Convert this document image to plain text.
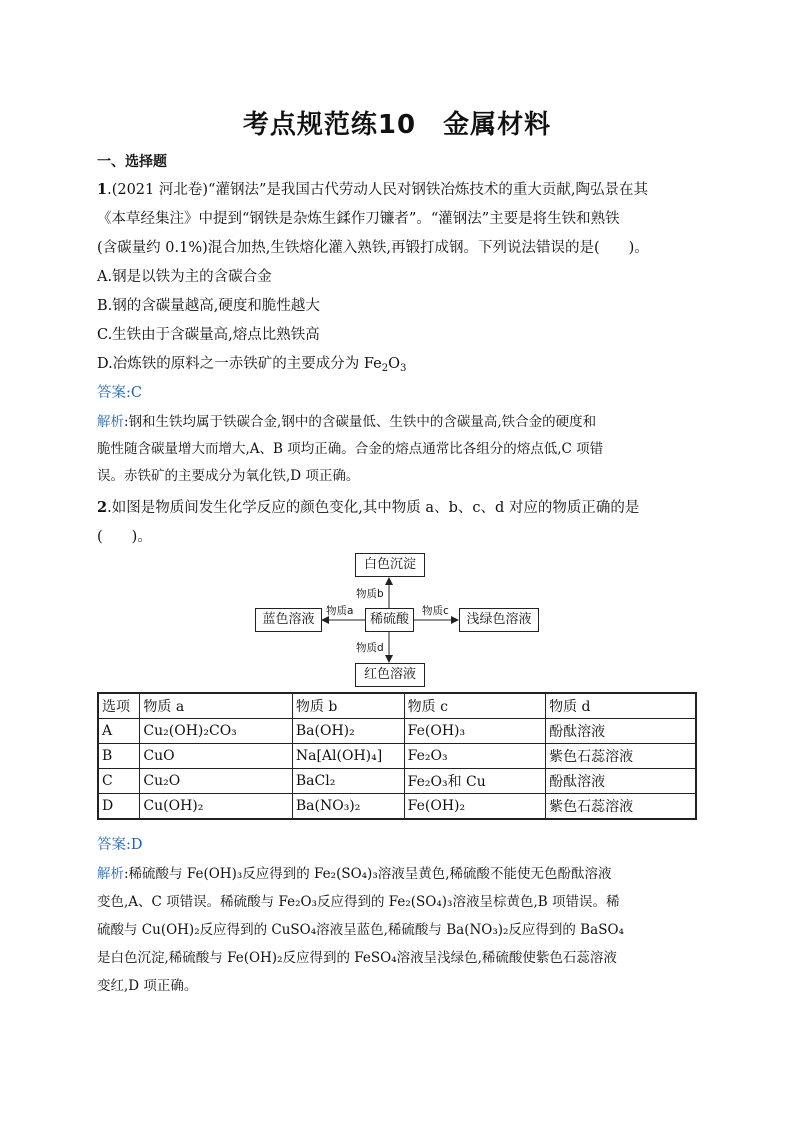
考点规范练10　金属材料
一、选择题
1.(2021 河北卷)“灌钢法”是我国古代劳动人民对钢铁冶炼技术的重大贡献,陶弘景在其
《本草经集注》中提到“钢铁是杂炼生鍒作刀镰者”。“灌钢法”主要是将生铁和熟铁
(含碳量约 0.1%)混合加热,生铁熔化灌入熟铁,再锻打成钢。下列说法错误的是(　　)。
A.钢是以铁为主的含碳合金
B.钢的含碳量越高,硬度和脆性越大
C.生铁由于含碳量高,熔点比熟铁高
D.冶炼铁的原料之一赤铁矿的主要成分为 $Fe_2O_3$
答案:C
解析:钢和生铁均属于铁碳合金,钢中的含碳量低、生铁中的含碳量高,铁合金的硬度和
脆性随含碳量增大而增大,A、B 项均正确。合金的熔点通常比各组分的熔点低,C 项错
误。赤铁矿的主要成分为氧化铁,D 项正确。
2.如图是物质间发生化学反应的颜色变化,其中物质 a、b、c、d 对应的物质正确的是
(　　)。
白色沉淀
蓝色溶液	稀硫酸	浅绿色溶液
红色溶液
物质b
物质a	物质c
物质d
选项	物质 a	物质 b	物质 c	物质 d
A	Cu₂(OH)₂CO₃	Ba(OH)₂	Fe(OH)₃	酚酞溶液
B	CuO	Na[Al(OH)₄]	Fe₂O₃	紫色石蕊溶液
C	Cu₂O	BaCl₂	Fe₂O₃和 Cu	酚酞溶液
D	Cu(OH)₂	Ba(NO₃)₂	Fe(OH)₂	紫色石蕊溶液
答案:D
解析:稀硫酸与 Fe(OH)₃反应得到的 Fe₂(SO₄)₃溶液呈黄色,稀硫酸不能使无色酚酞溶液
变色,A、C 项错误。稀硫酸与 Fe₂O₃反应得到的 Fe₂(SO₄)₃溶液呈棕黄色,B 项错误。稀
硫酸与 Cu(OH)₂反应得到的 CuSO₄溶液呈蓝色,稀硫酸与 Ba(NO₃)₂反应得到的 BaSO₄
是白色沉淀,稀硫酸与 Fe(OH)₂反应得到的 FeSO₄溶液呈浅绿色,稀硫酸使紫色石蕊溶液
变红,D 项正确。
